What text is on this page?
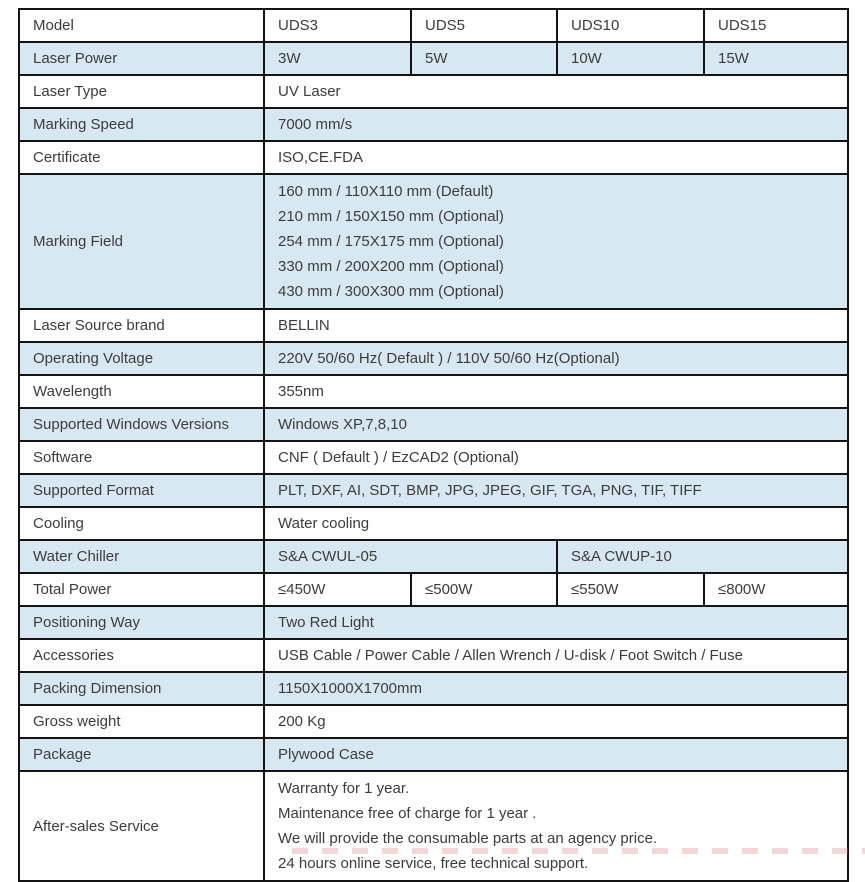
Model	UDS3	UDS5	UDS10	UDS15
Laser Power	3W	5W	10W	15W
Laser Type	UV Laser			
Marking Speed	7000 mm/s			
Certificate	ISO,CE.FDA			
Marking Field	160 mm / 110X110 mm (Default)
210 mm / 150X150 mm (Optional)
254 mm / 175X175 mm (Optional)
330 mm / 200X200 mm (Optional)
430 mm / 300X300 mm (Optional)			

Laser Source brand	BELLIN			
Operating Voltage	220V 50/60 Hz( Default ) / 110V 50/60 Hz(Optional)			
Wavelength	355nm			
Supported Windows Versions	Windows XP,7,8,10			
Software	CNF ( Default ) / EzCAD2 (Optional)			
Supported Format	PLT, DXF, AI, SDT, BMP, JPG, JPEG, GIF, TGA, PNG, TIF, TIFF			
Cooling	Water cooling			
Water Chiller	S&A CWUL-05		S&A CWUP-10	
Total Power	≤450W	≤500W	≤550W	≤800W
Positioning Way	Two Red Light			
Accessories	USB Cable / Power Cable / Allen Wrench / U-disk / Foot Switch / Fuse			
Packing Dimension	1150X1000X1700mm			
Gross weight	200 Kg			
Package	Plywood Case			
After-sales Service	Warranty for 1 year.
Maintenance free of charge for 1 year .
We will provide the consumable parts at an agency price.
24 hours online service, free technical support.			
